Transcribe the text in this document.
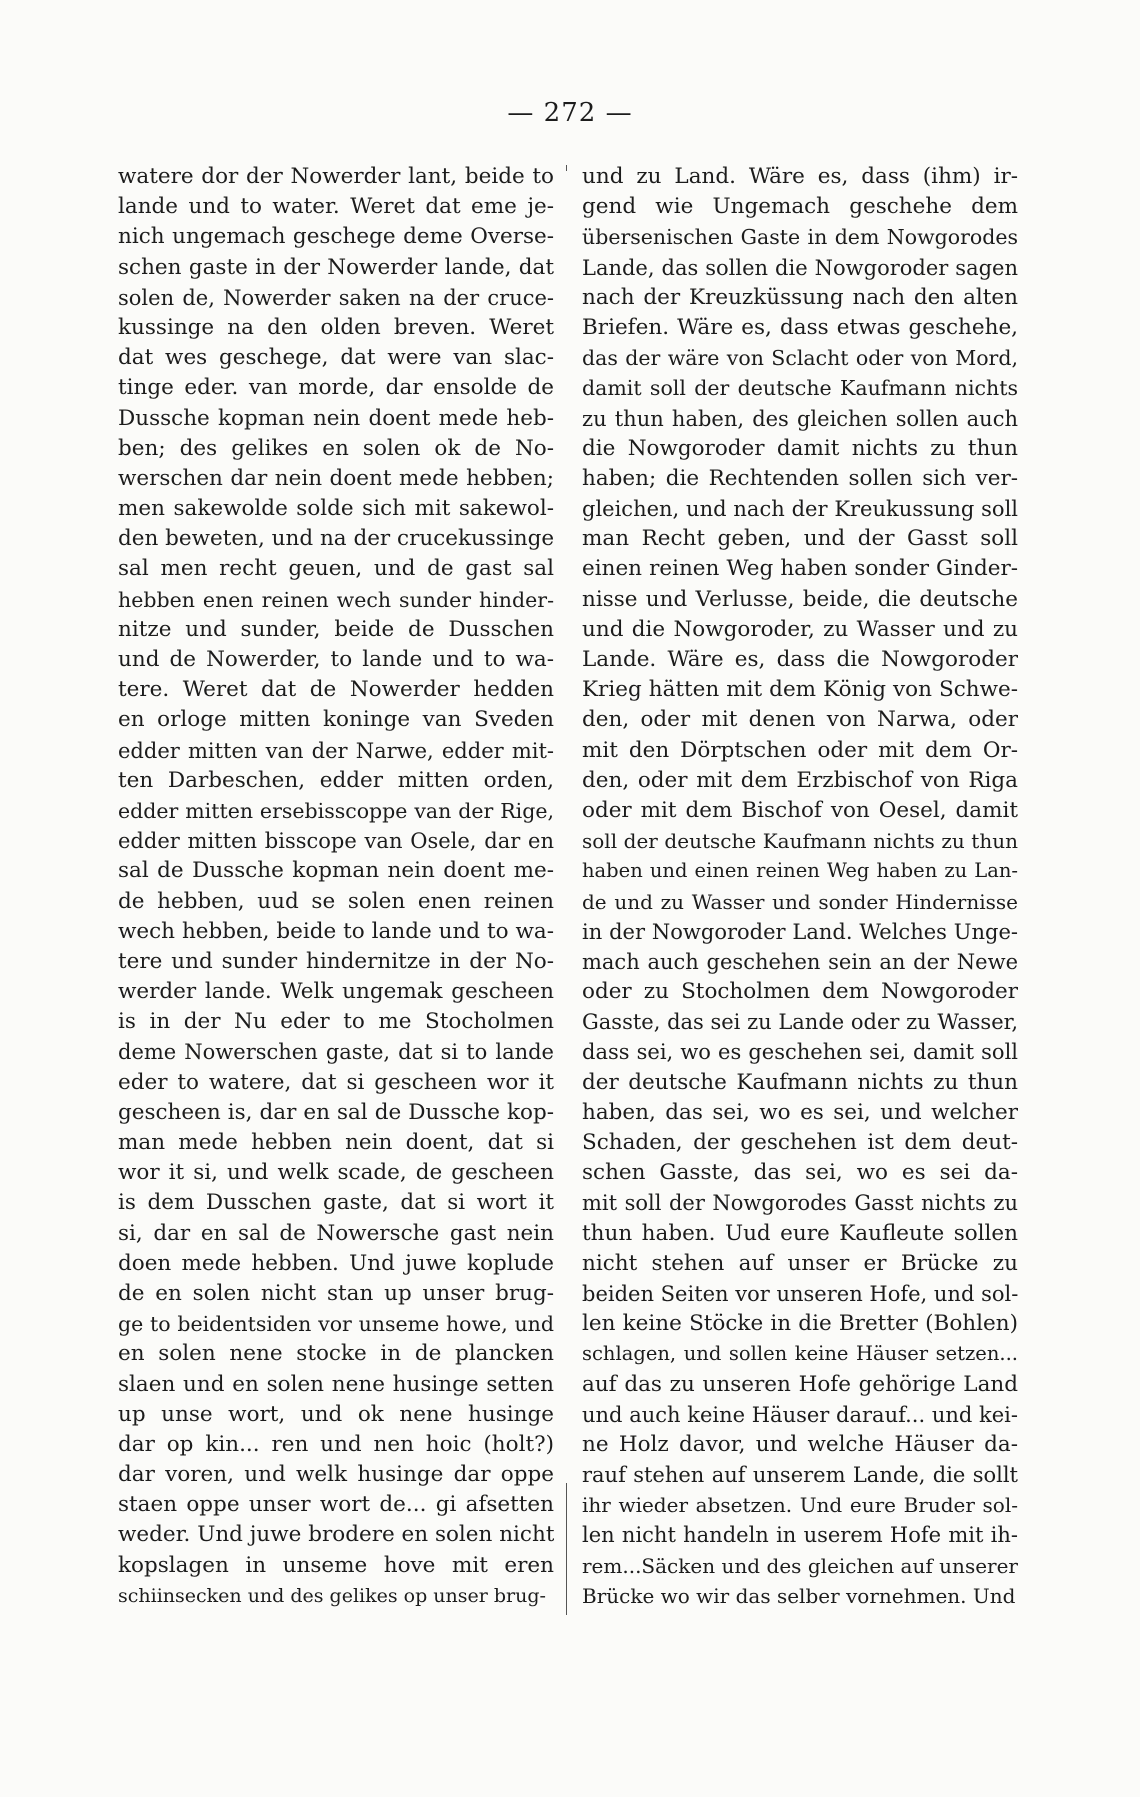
— 272 —
watere dor der Nowerder lant, beide to
lande und to water. Weret dat eme je-
nich ungemach geschege deme Overse-
schen gaste in der Nowerder lande, dat
solen de, Nowerder saken na der cruce-
kussinge na den olden breven. Weret
dat wes geschege, dat were van slac-
tinge eder. van morde, dar ensolde de
Dussche kopman nein doent mede heb-
ben; des gelikes en solen ok de No-
werschen dar nein doent mede hebben;
men sakewolde solde sich mit sakewol-
den beweten, und na der crucekussinge
sal men recht geuen, und de gast sal
hebben enen reinen wech sunder hinder-
nitze und sunder, beide de Dusschen
und de Nowerder, to lande und to wa-
tere. Weret dat de Nowerder hedden
en orloge mitten koninge van Sveden
edder mitten van der Narwe, edder mit-
ten Darbeschen, edder mitten orden,
edder mitten ersebisscoppe van der Rige,
edder mitten bisscope van Osele, dar en
sal de Dussche kopman nein doent me-
de hebben, uud se solen enen reinen
wech hebben, beide to lande und to wa-
tere und sunder hindernitze in der No-
werder lande. Welk ungemak gescheen
is in der Nu eder to me Stocholmen
deme Nowerschen gaste, dat si to lande
eder to watere, dat si gescheen wor it
gescheen is, dar en sal de Dussche kop-
man mede hebben nein doent, dat si
wor it si, und welk scade, de gescheen
is dem Dusschen gaste, dat si wort it
si, dar en sal de Nowersche gast nein
doen mede hebben. Und juwe koplude
de en solen nicht stan up unser brug-
ge to beidentsiden vor unseme howe, und
en solen nene stocke in de plancken
slaen und en solen nene husinge setten
up unse wort, und ok nene husinge
dar op kin... ren und nen hoic (holt?)
dar voren, und welk husinge dar oppe
staen oppe unser wort de... gi afsetten
weder. Und juwe brodere en solen nicht
kopslagen in unseme hove mit eren
schiinsecken und des gelikes op unser brug-
und zu Land. Wäre es, dass (ihm) ir-
gend wie Ungemach geschehe dem
übersenischen Gaste in dem Nowgorodes
Lande, das sollen die Nowgoroder sagen
nach der Kreuzküssung nach den alten
Briefen. Wäre es, dass etwas geschehe,
das der wäre von Sclacht oder von Mord,
damit soll der deutsche Kaufmann nichts
zu thun haben, des gleichen sollen auch
die Nowgoroder damit nichts zu thun
haben; die Rechtenden sollen sich ver-
gleichen, und nach der Kreukussung soll
man Recht geben, und der Gasst soll
einen reinen Weg haben sonder Ginder-
nisse und Verlusse, beide, die deutsche
und die Nowgoroder, zu Wasser und zu
Lande. Wäre es, dass die Nowgoroder
Krieg hätten mit dem König von Schwe-
den, oder mit denen von Narwa, oder
mit den Dörptschen oder mit dem Or-
den, oder mit dem Erzbischof von Riga
oder mit dem Bischof von Oesel, damit
soll der deutsche Kaufmann nichts zu thun
haben und einen reinen Weg haben zu Lan-
de und zu Wasser und sonder Hindernisse
in der Nowgoroder Land. Welches Unge-
mach auch geschehen sein an der Newe
oder zu Stocholmen dem Nowgoroder
Gasste, das sei zu Lande oder zu Wasser,
dass sei, wo es geschehen sei, damit soll
der deutsche Kaufmann nichts zu thun
haben, das sei, wo es sei, und welcher
Schaden, der geschehen ist dem deut-
schen Gasste, das sei, wo es sei da-
mit soll der Nowgorodes Gasst nichts zu
thun haben. Uud eure Kaufleute sollen
nicht stehen auf unser er Brücke zu
beiden Seiten vor unseren Hofe, und sol-
len keine Stöcke in die Bretter (Bohlen)
schlagen, und sollen keine Häuser setzen...
auf das zu unseren Hofe gehörige Land
und auch keine Häuser darauf... und kei-
ne Holz davor, und welche Häuser da-
rauf stehen auf unserem Lande, die sollt
ihr wieder absetzen. Und eure Bruder sol-
len nicht handeln in userem Hofe mit ih-
rem...Säcken und des gleichen auf unserer
Brücke wo wir das selber vornehmen. Und
